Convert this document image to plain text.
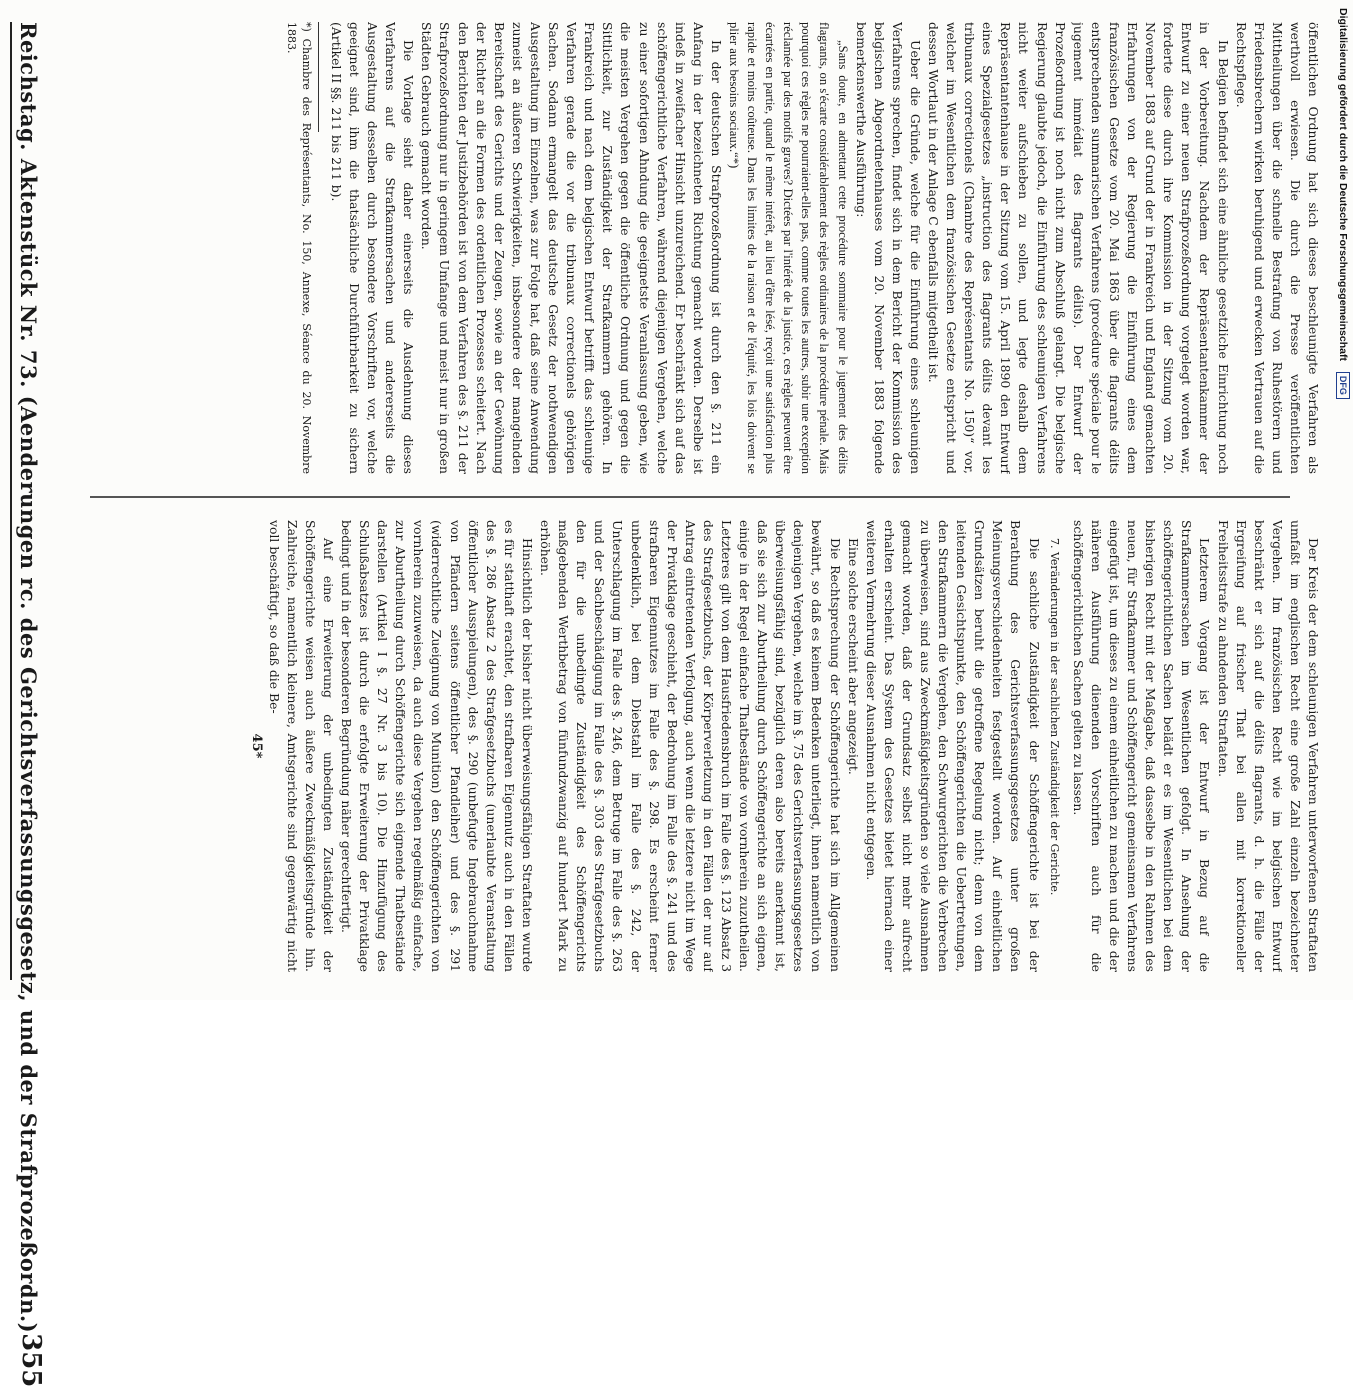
Reichstag. Aktenstück Nr. 73. (Aenderungen rc. des Gerichtsverfassungsgesetz, und der Strafprozeßordn.)
355

öffentlichen Ordnung hat sich dieses beschleunigte Verfahren als werthvoll erwiesen. Die durch die Presse veröffentlichten Mittheilungen über die schnelle Bestrafung von Ruhestörern und Friedensbrechern wirken beruhigend und erwecken Vertrauen auf die Rechtspflege.

In Belgien befindet sich eine ähnliche gesetzliche Einrichtung noch in der Vorbereitung. Nachdem der Repräsentantenkammer der Entwurf zu einer neuen Strafprozeßordnung vorgelegt worden war, forderte diese durch ihre Kommission in der Sitzung vom 20. November 1883 auf Grund der in Frankreich und England gemachten Erfahrungen von der Regierung die Einführung eines dem französischen Gesetze vom 20. Mai 1863 über die flagrants délits entsprechenden summarischen Verfahrens (procédure spéciale pour le jugement immédiat des flagrants délits). Der Entwurf der Prozeßordnung ist noch nicht zum Abschluß gelangt. Die belgische Regierung glaubte jedoch, die Einführung des schleunigen Verfahrens nicht weiter aufschieben zu sollen, und legte deshalb dem Repräsentantenhause in der Sitzung vom 15. April 1890 den Entwurf eines Spezialgesetzes „instruction des flagrants délits devant les tribunaux correctionels (Chambre des Représentants No. 150)“ vor, welcher im Wesentlichen dem französischen Gesetze entspricht und dessen Wortlaut in der Anlage C ebenfalls mitgetheilt ist.

Ueber die Gründe, welche für die Einführung eines schleunigen Verfahrens sprechen, findet sich in dem Bericht der Kommission des belgischen Abgeordnetenhauses vom 20. November 1883 folgende bemerkenswerthe Ausführung:

„Sans doute, en admettant cette procédure sommaire pour le jugement des délits flagrants, on s'écarte considérablement des règles ordinaires de la procédure pénale. Mais pourquoi ces règles ne pourraient-elles pas, comme toutes les autres, subir une exception réclamée par des motifs graves? Dictées par l'intérêt de la justice, ces règles peuvent être écartées en partie, quand le même intérêt, au lieu d'être lésé, reçoit une satisfaction plus rapide et moins coûteuse. Dans les limites de la raison et de l'équité, les lois doivent se plier aux besoins sociaux.“*)

In der deutschen Strafprozeßordnung ist durch den §. 211 ein Anfang in der bezeichneten Richtung gemacht worden. Derselbe ist indeß in zweifacher Hinsicht unzureichend. Er beschränkt sich auf das schöffengerichtliche Verfahren, während diejenigen Vergehen, welche zu einer sofortigen Ahndung die geeignetste Veranlassung geben, wie die meisten Vergehen gegen die öffentliche Ordnung und gegen die Sittlichkeit, zur Zuständigkeit der Strafkammern gehören. In Frankreich und nach dem belgischen Entwurf betrifft das schleunige Verfahren gerade die vor die tribunaux correctionels gehörigen Sachen. Sodann ermangelt das deutsche Gesetz der nothwendigen Ausgestaltung im Einzelnen, was zur Folge hat, daß seine Anwendung zumeist an äußeren Schwierigkeiten, insbesondere der mangelnden Bereitschaft des Gerichts und der Zeugen, sowie an der Gewöhnung der Richter an die Formen des ordentlichen Prozesses scheitert. Nach den Berichten der Justizbehörden ist von dem Verfahren des §. 211 der Strafprozeßordnung nur in geringem Umfange und meist nur in großen Städten Gebrauch gemacht worden.

Die Vorlage sieht daher einerseits die Ausdehnung dieses Verfahrens auf die Strafkammersachen und andererseits die Ausgestaltung desselben durch besondere Vorschriften vor, welche geeignet sind, ihm die thatsächliche Durchführbarkeit zu sichern (Artikel II §§. 211 bis 211 b).

*) Chambre des Représentants, No. 150, Annexe, Séance du 20. Novembre 1883.

Der Kreis der dem schleunigen Verfahren unterworfenen Straftaten umfaßt im englischen Recht eine große Zahl einzeln bezeichneter Vergehen. Im französischen Recht wie im belgischen Entwurf beschränkt er sich auf die délits flagrants, d. h. die Fälle der Ergreifung auf frischer That bei allen mit korrektioneller Freiheitsstrafe zu ahndenden Straftaten.

Letzterem Vorgang ist der Entwurf in Bezug auf die Strafkammersachen im Wesentlichen gefolgt. In Ansehung der schöffengerichtlichen Sachen belädt er es im Wesentlichen bei dem bisherigen Recht mit der Maßgabe, daß dasselbe in den Rahmen des neuen, für Strafkammer und Schöffengericht gemeinsamen Verfahrens eingefügt ist, um dieses zu einem einheitlichen zu machen und die der näheren Ausführung dienenden Vorschriften auch für die schöffengerichtlichen Sachen gelten zu lassen.

7. Veränderungen in der sachlichen Zuständigkeit der Gerichte.

Die sachliche Zuständigkeit der Schöffengerichte ist bei der Berathung des Gerichtsverfassungsgesetzes unter großen Meinungsverschiedenheiten festgestellt worden. Auf einheitlichen Grundsätzen beruht die getroffene Regelung nicht; denn von dem leitenden Gesichtspunkte, den Schöffengerichten die Uebertretungen, den Strafkammern die Vergehen, den Schwurgerichten die Verbrechen zu überweisen, sind aus Zweckmäßigkeitsgründen so viele Ausnahmen gemacht worden, daß der Grundsatz selbst nicht mehr aufrecht erhalten erscheint. Das System des Gesetzes bietet hiernach einer weiteren Vermehrung dieser Ausnahmen nicht entgegen.

Eine solche erscheint aber angezeigt.

Die Rechtsprechung der Schöffengerichte hat sich im Allgemeinen bewährt, so daß es keinem Bedenken unterliegt, ihnen namentlich von denjenigen Vergehen, welche im §. 75 des Gerichtsverfassungsgesetzes überweisungsfähig sind, bezüglich deren also bereits anerkannt ist, daß sie sich zur Aburtheilung durch Schöffengerichte an sich eignen, einige in der Regel einfache Thatbestände von vornherein zuzutheilen. Letzteres gilt von dem Hausfriedensbruch im Falle des §. 123 Absatz 3 des Strafgesetzbuchs, der Körperverletzung in den Fällen der nur auf Antrag eintretenden Verfolgung, auch wenn die letztere nicht im Wege der Privatklage geschieht, der Bedrohung im Falle des §. 241 und des strafbaren Eigennutzes im Falle des §. 298. Es erscheint ferner unbedenklich, bei dem Diebstahl im Falle des §. 242, der Unterschlagung im Falle des §. 246, dem Betruge im Falle des §. 263 und der Sachbeschädigung im Falle des §. 303 des Strafgesetzbuchs den für die unbedingte Zuständigkeit des Schöffengerichts maßgebenden Werthbetrag von fünfundzwanzig auf hundert Mark zu erhöhen.

Hinsichtlich der bisher nicht überweisungsfähigen Straftaten wurde es für statthaft erachtet, den strafbaren Eigennutz auch in den Fällen des §. 286 Absatz 2 des Strafgesetzbuchs (unerlaubte Veranstaltung öffentlicher Ausspielungen), des §. 290 (unbefugte Ingebrauchnahme von Pfändern seitens öffentlicher Pfandleiher) und des §. 291 (widerrechtliche Zueignung von Munition) den Schöffengerichten von vornherein zuzuweisen, da auch diese Vergehen regelmäßig einfache, zur Aburtheilung durch Schöffengerichte sich eignende Thatbestände darstellen (Artikel I §. 27 Nr. 3 bis 10). Die Hinzufügung des Schlußabsatzes ist durch die erfolgte Erweiterung der Privatklage bedingt und in der besonderen Begründung näher gerechtfertigt.

Auf eine Erweiterung der unbedingten Zuständigkeit der Schöffengerichte weisen auch äußere Zweckmäßigkeitsgründe hin. Zahlreiche, namentlich kleinere, Amtsgerichte sind gegenwärtig nicht voll beschäftigt, so daß die Be-

45*

Digitalisierung gefördert durch die Deutsche Forschungsgemeinschaft DFG
